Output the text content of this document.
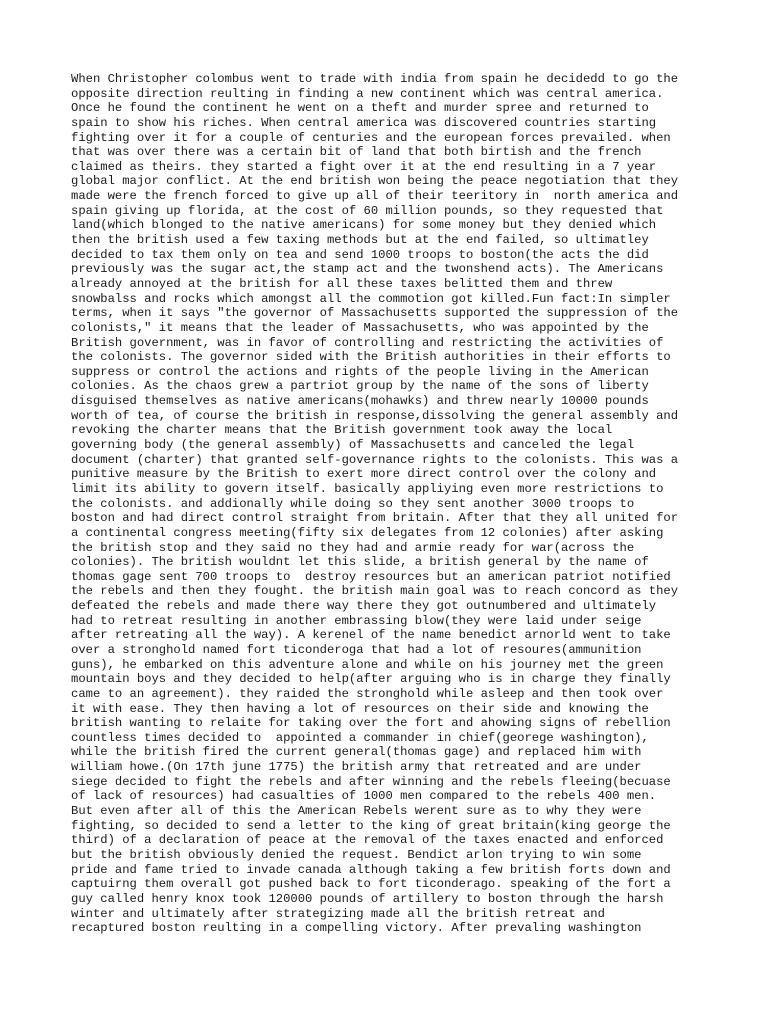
When Christopher colombus went to trade with india from spain he decidedd to go the
opposite direction reulting in finding a new continent which was central america.
Once he found the continent he went on a theft and murder spree and returned to
spain to show his riches. When central america was discovered countries starting
fighting over it for a couple of centuries and the european forces prevailed. when
that was over there was a certain bit of land that both birtish and the french
claimed as theirs. they started a fight over it at the end resulting in a 7 year
global major conflict. At the end british won being the peace negotiation that they
made were the french forced to give up all of their teeritory in  north america and
spain giving up florida, at the cost of 60 million pounds, so they requested that
land(which blonged to the native americans) for some money but they denied which
then the british used a few taxing methods but at the end failed, so ultimatley
decided to tax them only on tea and send 1000 troops to boston(the acts the did
previously was the sugar act,the stamp act and the twonshend acts). The Americans
already annoyed at the british for all these taxes belitted them and threw
snowbalss and rocks which amongst all the commotion got killed.Fun fact:In simpler
terms, when it says "the governor of Massachusetts supported the suppression of the
colonists," it means that the leader of Massachusetts, who was appointed by the
British government, was in favor of controlling and restricting the activities of
the colonists. The governor sided with the British authorities in their efforts to
suppress or control the actions and rights of the people living in the American
colonies. As the chaos grew a partriot group by the name of the sons of liberty
disguised themselves as native americans(mohawks) and threw nearly 10000 pounds
worth of tea, of course the british in response,dissolving the general assembly and
revoking the charter means that the British government took away the local
governing body (the general assembly) of Massachusetts and canceled the legal
document (charter) that granted self-governance rights to the colonists. This was a
punitive measure by the British to exert more direct control over the colony and
limit its ability to govern itself. basically appliying even more restrictions to
the colonists. and addionally while doing so they sent another 3000 troops to
boston and had direct control straight from britain. After that they all united for
a continental congress meeting(fifty six delegates from 12 colonies) after asking
the british stop and they said no they had and armie ready for war(across the
colonies). The british wouldnt let this slide, a british general by the name of
thomas gage sent 700 troops to  destroy resources but an american patriot notified
the rebels and then they fought. the british main goal was to reach concord as they
defeated the rebels and made there way there they got outnumbered and ultimately
had to retreat resulting in another embrassing blow(they were laid under seige
after retreating all the way). A kerenel of the name benedict arnorld went to take
over a stronghold named fort ticonderoga that had a lot of resoures(ammunition
guns), he embarked on this adventure alone and while on his journey met the green
mountain boys and they decided to help(after arguing who is in charge they finally
came to an agreement). they raided the stronghold while asleep and then took over
it with ease. They then having a lot of resources on their side and knowing the
british wanting to relaite for taking over the fort and ahowing signs of rebellion
countless times decided to  appointed a commander in chief(georege washington),
while the british fired the current general(thomas gage) and replaced him with
william howe.(On 17th june 1775) the british army that retreated and are under
siege decided to fight the rebels and after winning and the rebels fleeing(becuase
of lack of resources) had casualties of 1000 men compared to the rebels 400 men.
But even after all of this the American Rebels werent sure as to why they were
fighting, so decided to send a letter to the king of great britain(king george the
third) of a declaration of peace at the removal of the taxes enacted and enforced
but the british obviously denied the request. Bendict arlon trying to win some
pride and fame tried to invade canada although taking a few british forts down and
captuirng them overall got pushed back to fort ticonderago. speaking of the fort a
guy called henry knox took 120000 pounds of artillery to boston through the harsh
winter and ultimately after strategizing made all the british retreat and
recaptured boston reulting in a compelling victory. After prevaling washington
